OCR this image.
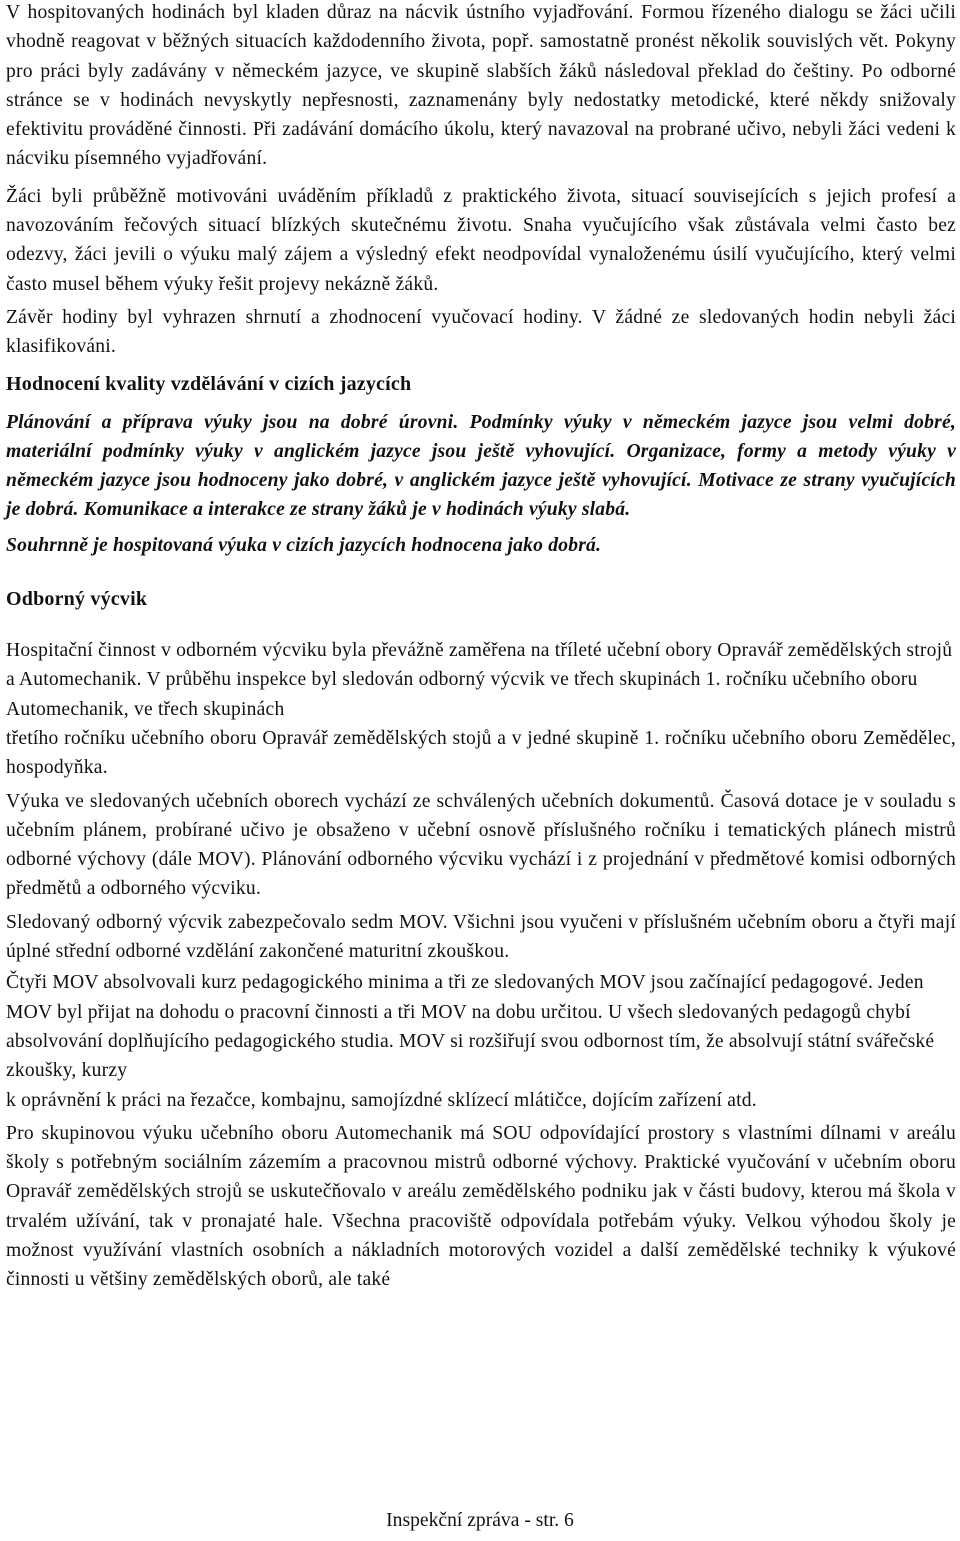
V hospitovaných hodinách byl kladen důraz na nácvik ústního vyjadřování. Formou řízeného dialogu se žáci učili vhodně reagovat v běžných situacích každodenního života, popř. samostatně pronést několik souvislých vět. Pokyny pro práci byly zadávány v německém jazyce, ve skupině slabších žáků následoval překlad do češtiny. Po odborné stránce se v hodinách nevyskytly nepřesnosti, zaznamenány byly nedostatky metodické, které někdy snižovaly efektivitu prováděné činnosti. Při zadávání domácího úkolu, který navazoval na probrané učivo, nebyli žáci vedeni k nácviku písemného vyjadřování.

Žáci byli průběžně motivováni uváděním příkladů z praktického života, situací souvisejících s jejich profesí a navozováním řečových situací blízkých skutečnému životu. Snaha vyučujícího však zůstávala velmi často bez odezvy, žáci jevili o výuku malý zájem a výsledný efekt neodpovídal vynaloženému úsilí vyučujícího, který velmi často musel během výuky řešit projevy nekázně žáků.

Závěr hodiny byl vyhrazen shrnutí a zhodnocení vyučovací hodiny. V žádné ze sledovaných hodin nebyli žáci klasifikováni.

Hodnocení kvality vzdělávání v cizích jazycích

Plánování a příprava výuky jsou na dobré úrovni. Podmínky výuky v německém jazyce jsou velmi dobré, materiální podmínky výuky v anglickém jazyce jsou ještě vyhovující. Organizace, formy a metody výuky v německém jazyce jsou hodnoceny jako dobré, v anglickém jazyce ještě vyhovující. Motivace ze strany vyučujících je dobrá. Komunikace a interakce ze strany žáků je v hodinách výuky slabá.

Souhrnně je hospitovaná výuka v cizích jazycích hodnocena jako dobrá.

Odborný výcvik

Hospitační činnost v odborném výcviku byla převážně zaměřena na tříleté učební obory Opravář zemědělských strojů a Automechanik. V průběhu inspekce byl sledován odborný výcvik ve třech skupinách 1. ročníku učebního oboru Automechanik, ve třech skupinách

třetího ročníku učebního oboru Opravář zemědělských stojů a v jedné skupině 1. ročníku učebního oboru Zemědělec, hospodyňka.

Výuka ve sledovaných učebních oborech vychází ze schválených učebních dokumentů. Časová dotace je v souladu s učebním plánem, probírané učivo je obsaženo v učební osnově příslušného ročníku i tematických plánech mistrů odborné výchovy (dále MOV). Plánování odborného výcviku vychází i z projednání v předmětové komisi odborných předmětů a odborného výcviku.

Sledovaný odborný výcvik zabezpečovalo sedm MOV. Všichni jsou vyučeni v příslušném učebním oboru a čtyři mají úplné střední odborné vzdělání zakončené maturitní zkouškou.

Čtyři MOV absolvovali kurz pedagogického minima a tři ze sledovaných MOV jsou začínající pedagogové. Jeden MOV byl přijat na dohodu o pracovní činnosti a tři MOV na dobu určitou. U všech sledovaných pedagogů chybí absolvování doplňujícího pedagogického studia. MOV si rozšiřují svou odbornost tím, že absolvují státní svářečské zkoušky, kurzy

k oprávnění k práci na řezačce, kombajnu, samojízdné sklízecí mlátičce, dojícím zařízení atd.

Pro skupinovou výuku učebního oboru Automechanik má SOU odpovídající prostory s vlastními dílnami v areálu školy s potřebným sociálním zázemím a pracovnou mistrů odborné výchovy. Praktické vyučování v učebním oboru Opravář zemědělských strojů se uskutečňovalo v areálu zemědělského podniku jak v části budovy, kterou má škola v trvalém užívání, tak v pronajaté hale. Všechna pracoviště odpovídala potřebám výuky. Velkou výhodou školy je možnost využívání vlastních osobních a nákladních motorových vozidel a další zemědělské techniky k výukové činnosti u většiny zemědělských oborů, ale také

Inspekční zpráva - str. 6
